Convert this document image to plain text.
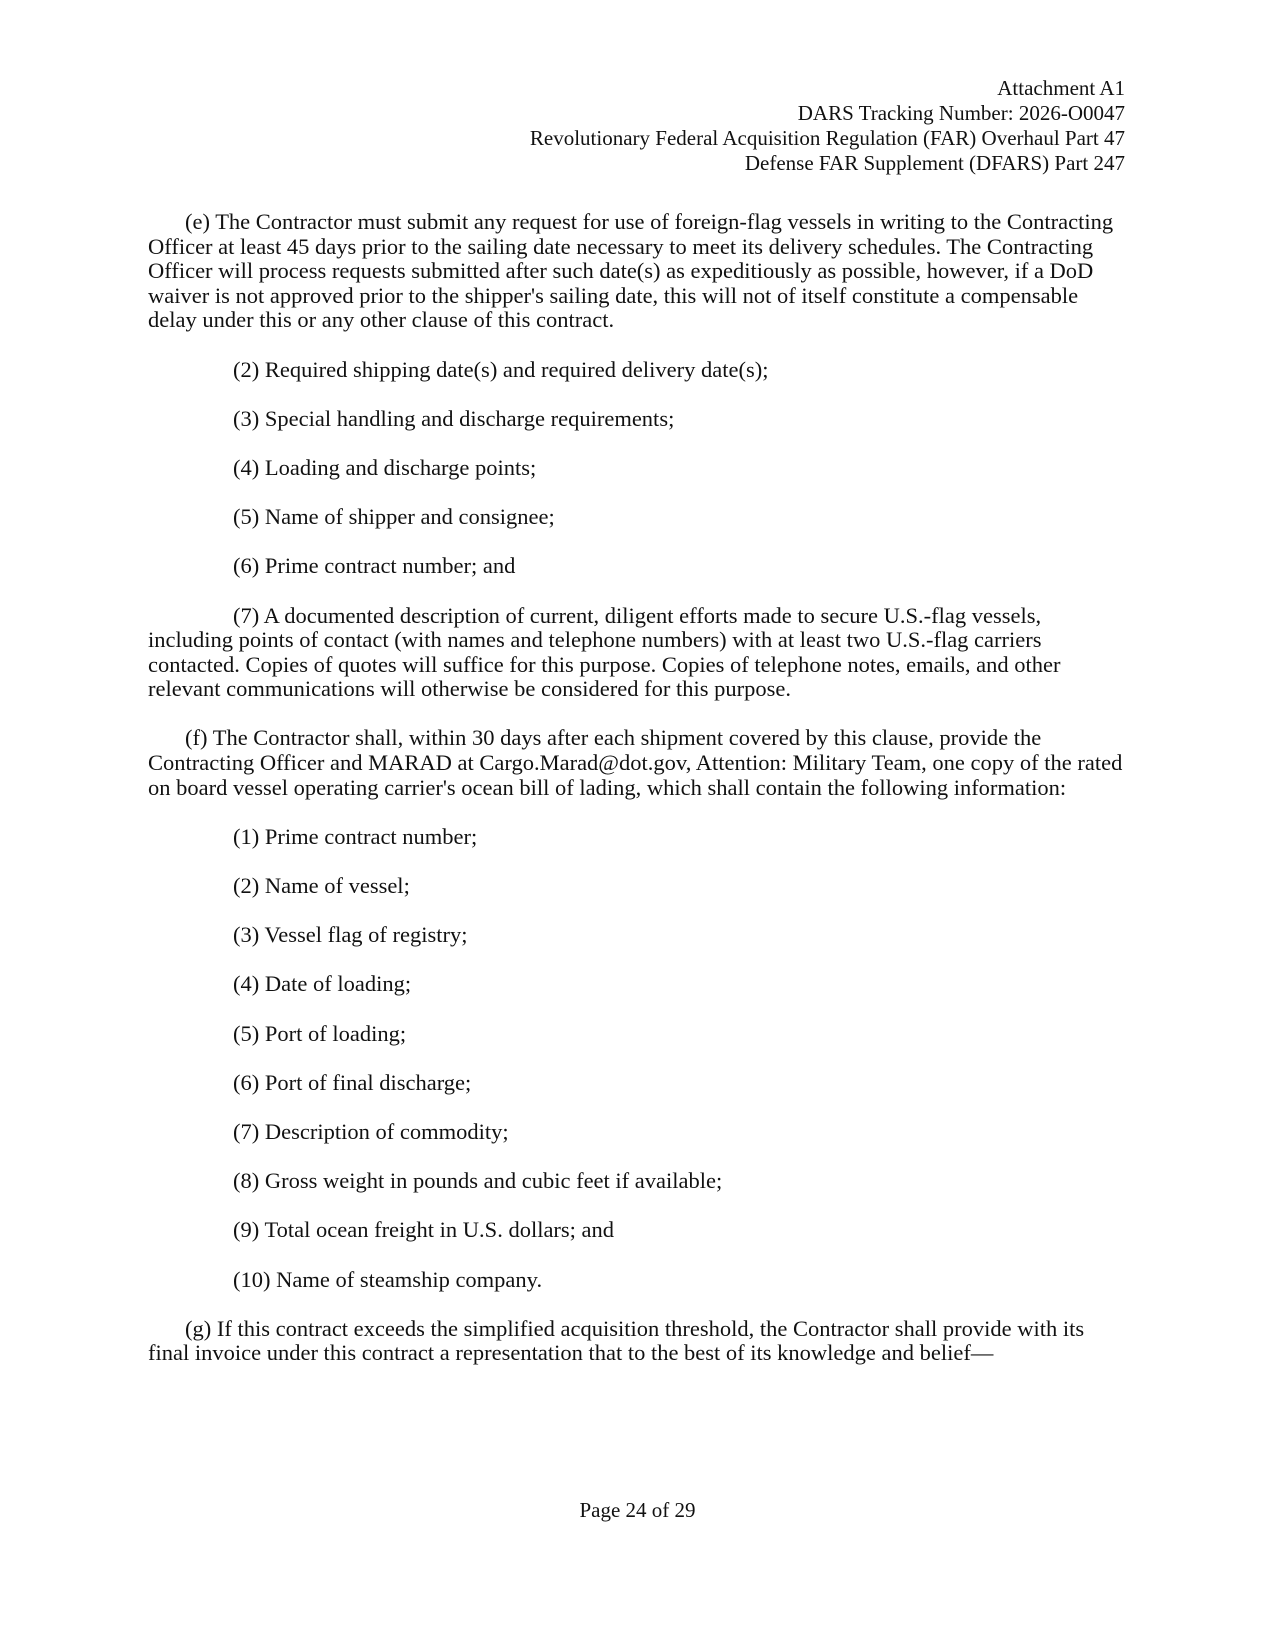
Attachment A1
DARS Tracking Number: 2026-O0047
Revolutionary Federal Acquisition Regulation (FAR) Overhaul Part 47
Defense FAR Supplement (DFARS) Part 247

(e) The Contractor must submit any request for use of foreign-flag vessels in writing to the Contracting Officer at least 45 days prior to the sailing date necessary to meet its delivery schedules. The Contracting Officer will process requests submitted after such date(s) as expeditiously as possible, however, if a DoD waiver is not approved prior to the shipper's sailing date, this will not of itself constitute a compensable delay under this or any other clause of this contract.

(2) Required shipping date(s) and required delivery date(s);

(3) Special handling and discharge requirements;

(4) Loading and discharge points;

(5) Name of shipper and consignee;

(6) Prime contract number; and

(7) A documented description of current, diligent efforts made to secure U.S.-flag vessels, including points of contact (with names and telephone numbers) with at least two U.S.-flag carriers contacted. Copies of quotes will suffice for this purpose. Copies of telephone notes, emails, and other relevant communications will otherwise be considered for this purpose.

(f) The Contractor shall, within 30 days after each shipment covered by this clause, provide the Contracting Officer and MARAD at Cargo.Marad@dot.gov, Attention: Military Team, one copy of the rated on board vessel operating carrier's ocean bill of lading, which shall contain the following information:

(1) Prime contract number;

(2) Name of vessel;

(3) Vessel flag of registry;

(4) Date of loading;

(5) Port of loading;

(6) Port of final discharge;

(7) Description of commodity;

(8) Gross weight in pounds and cubic feet if available;

(9) Total ocean freight in U.S. dollars; and

(10) Name of steamship company.

(g) If this contract exceeds the simplified acquisition threshold, the Contractor shall provide with its final invoice under this contract a representation that to the best of its knowledge and belief—

Page 24 of 29
